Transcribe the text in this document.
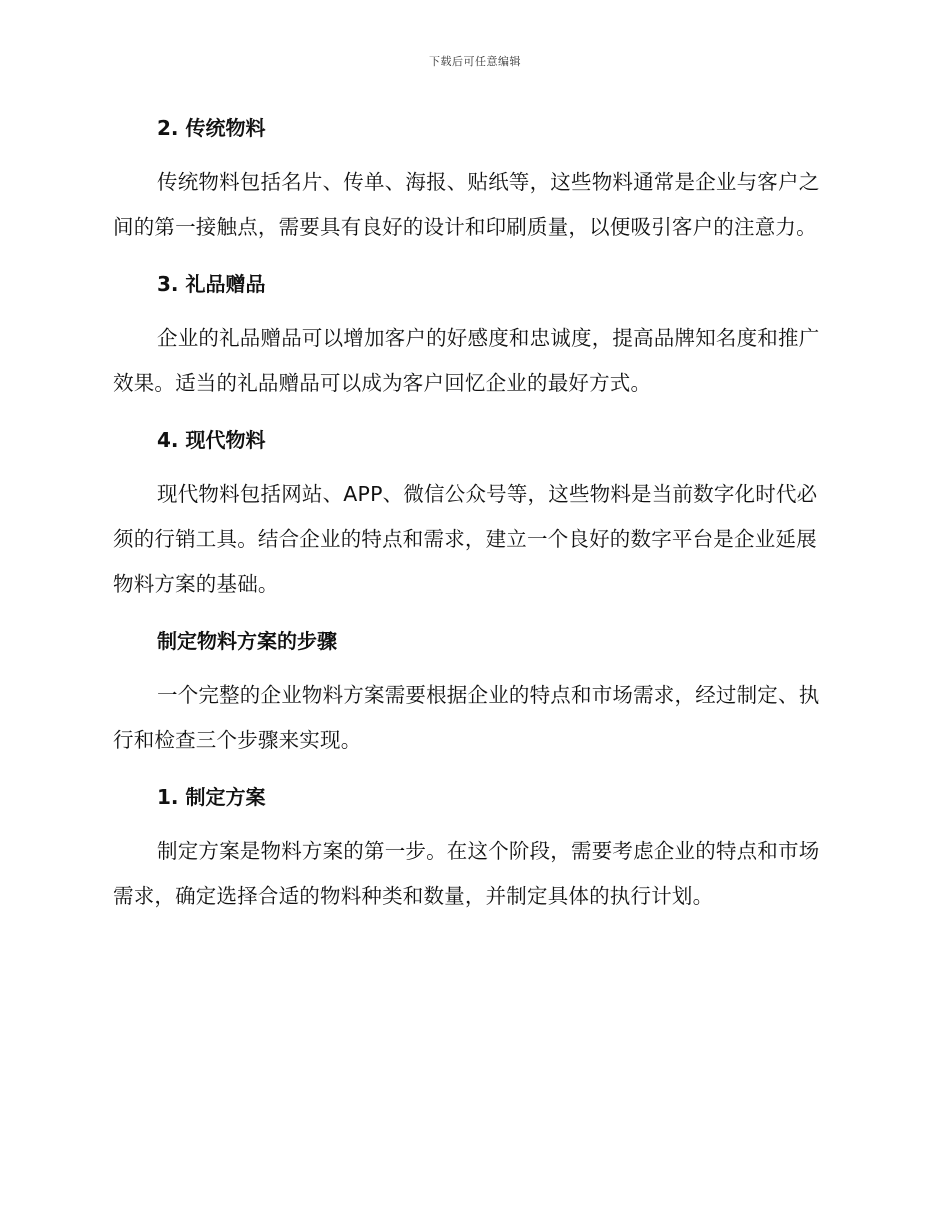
下载后可任意编辑
2. 传统物料

传统物料包括名片、传单、海报、贴纸等，这些物料通常是企业与客户之间的第一接触点，需要具有良好的设计和印刷质量，以便吸引客户的注意力。

3. 礼品赠品

企业的礼品赠品可以增加客户的好感度和忠诚度，提高品牌知名度和推广效果。适当的礼品赠品可以成为客户回忆企业的最好方式。

4. 现代物料

现代物料包括网站、APP、微信公众号等，这些物料是当前数字化时代必须的行销工具。结合企业的特点和需求，建立一个良好的数字平台是企业延展物料方案的基础。

制定物料方案的步骤

一个完整的企业物料方案需要根据企业的特点和市场需求，经过制定、执行和检查三个步骤来实现。

1. 制定方案

制定方案是物料方案的第一步。在这个阶段，需要考虑企业的特点和市场需求，确定选择合适的物料种类和数量，并制定具体的执行计划。
